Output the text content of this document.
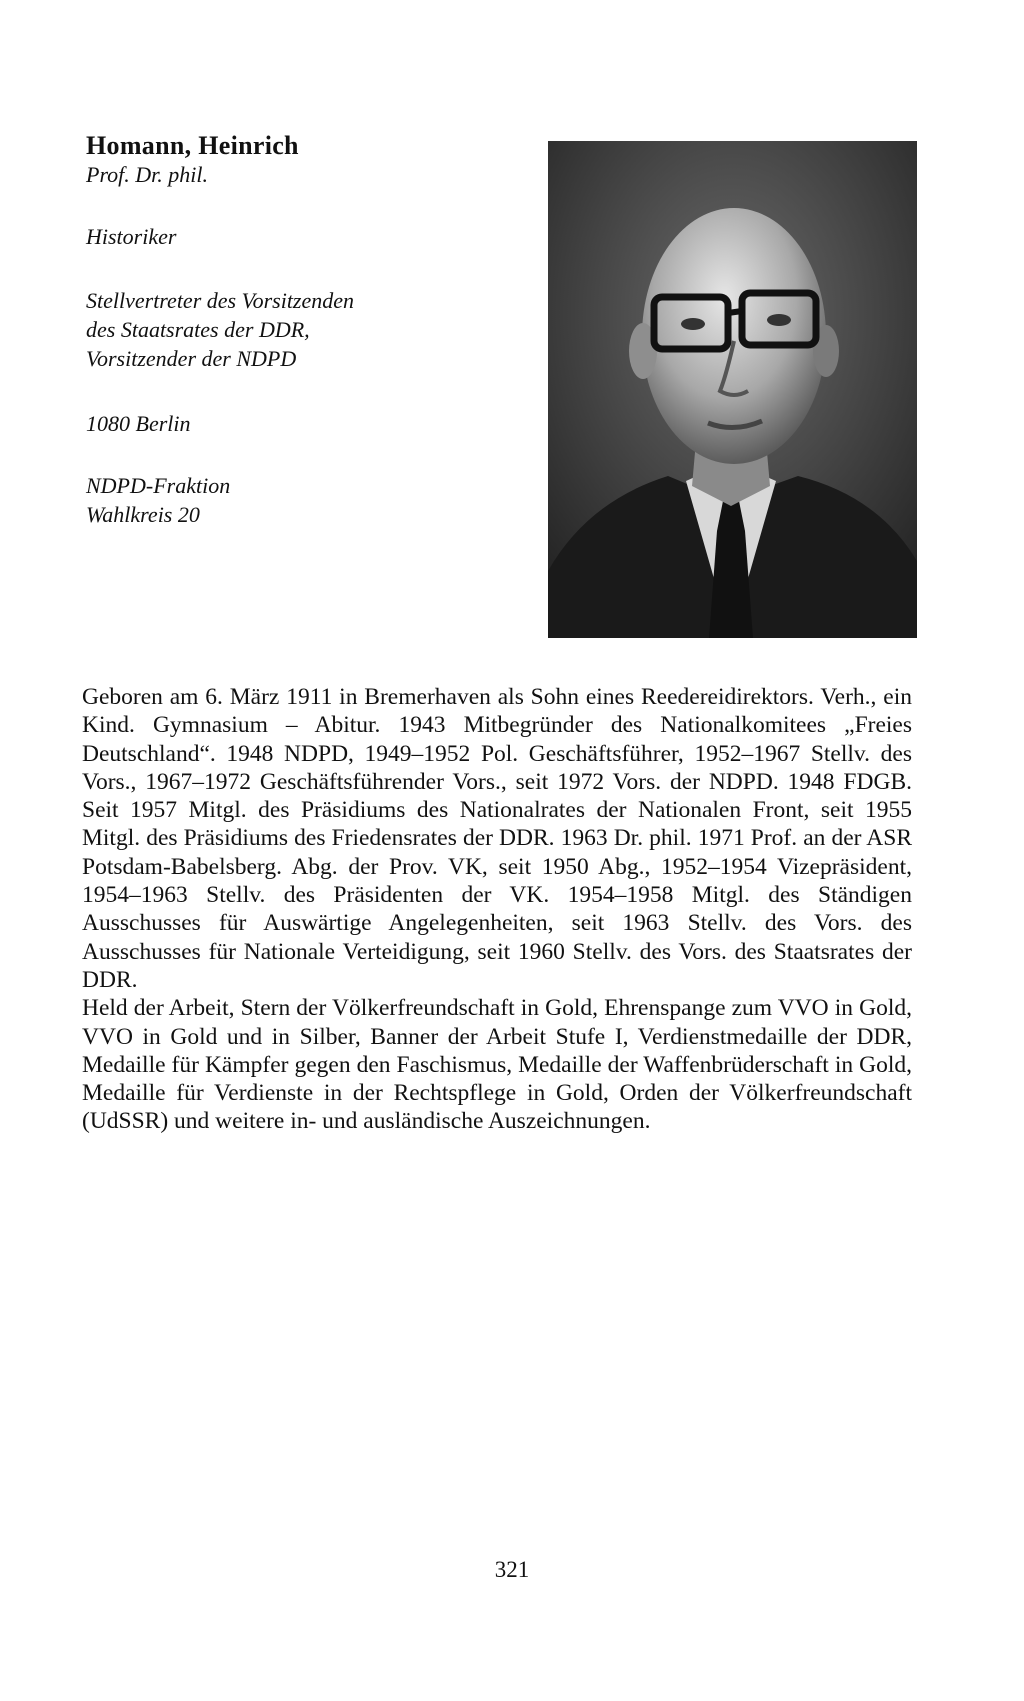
Homann, Heinrich

Prof. Dr. phil.

Historiker

Stellvertreter des Vorsitzenden

des Staatsrates der DDR,

Vorsitzender der NDPD

1080 Berlin

NDPD-Fraktion

Wahlkreis 20

Geboren am 6. März 1911 in Bremerhaven als Sohn eines Reedereidirektors. Verh., ein Kind. Gymnasium – Abitur. 1943 Mitbegründer des Nationalkomitees „Freies Deutschland“. 1948 NDPD, 1949–1952 Pol. Geschäftsführer, 1952–1967 Stellv. des Vors., 1967–1972 Geschäftsführender Vors., seit 1972 Vors. der NDPD. 1948 FDGB. Seit 1957 Mitgl. des Präsidiums des Nationalrates der Nationalen Front, seit 1955 Mitgl. des Präsidiums des Friedensrates der DDR. 1963 Dr. phil. 1971 Prof. an der ASR Potsdam-Babelsberg. Abg. der Prov. VK, seit 1950 Abg., 1952–1954 Vizepräsident, 1954–1963 Stellv. des Präsidenten der VK. 1954–1958 Mitgl. des Ständigen Ausschusses für Auswärtige Angelegenheiten, seit 1963 Stellv. des Vors. des Ausschusses für Nationale Verteidigung, seit 1960 Stellv. des Vors. des Staatsrates der DDR.

Held der Arbeit, Stern der Völkerfreundschaft in Gold, Ehrenspange zum VVO in Gold, VVO in Gold und in Silber, Banner der Arbeit Stufe I, Verdienstmedaille der DDR, Medaille für Kämpfer gegen den Faschismus, Medaille der Waffenbrüderschaft in Gold, Medaille für Verdienste in der Rechtspflege in Gold, Orden der Völkerfreundschaft (UdSSR) und weitere in- und ausländische Auszeichnungen.

321
